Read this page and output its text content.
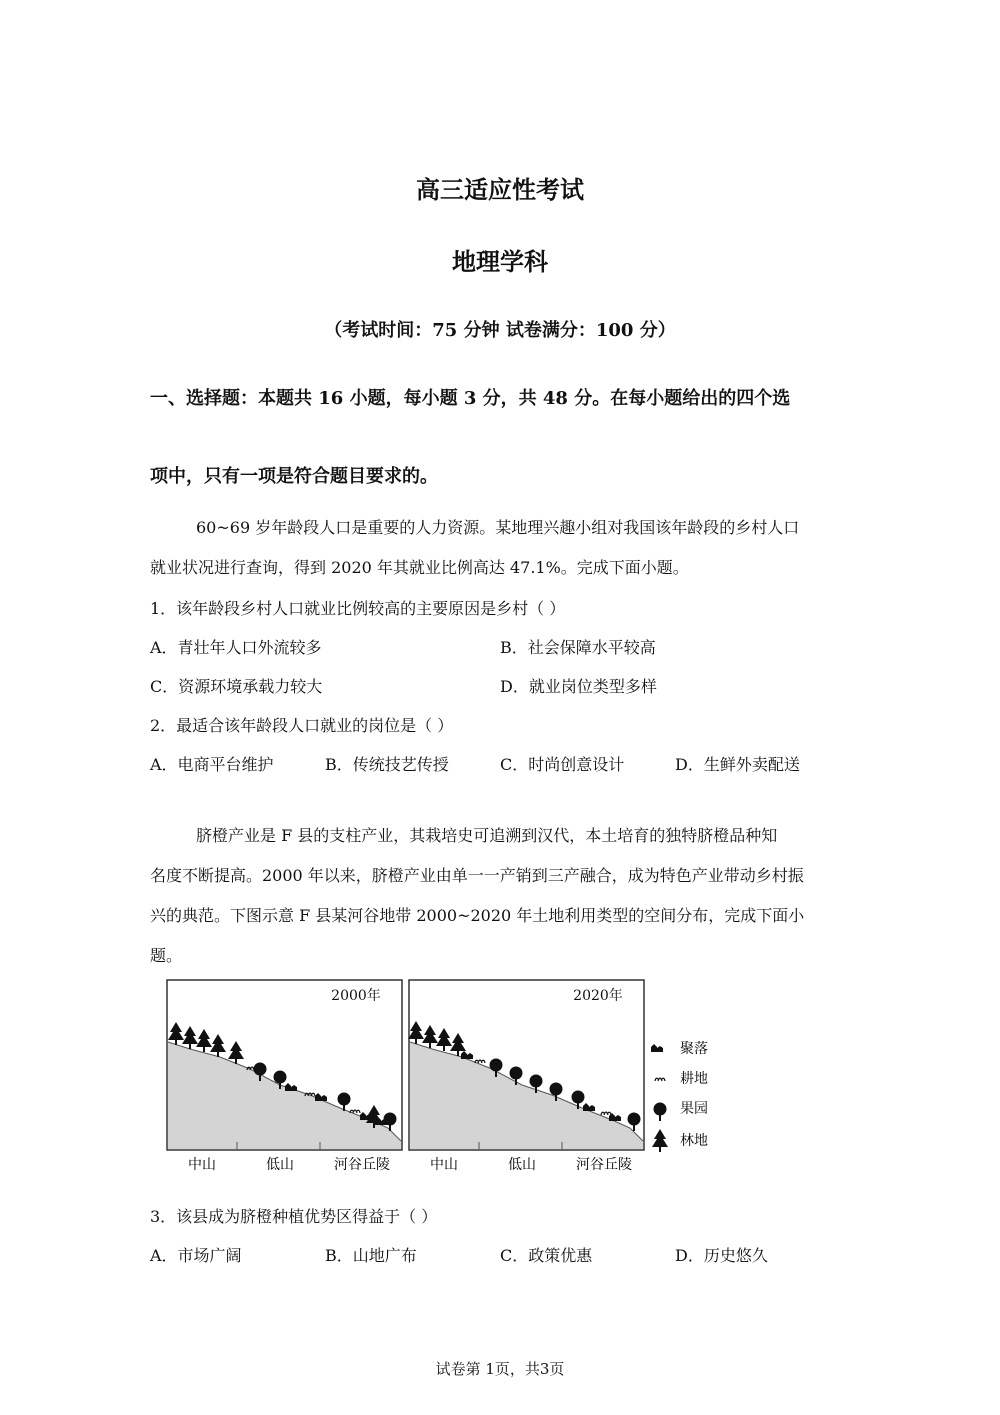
高三适应性考试
地理学科
（考试时间：75 分钟 试卷满分：100 分）
一、选择题：本题共 16 小题，每小题 3 分，共 48 分。在每小题给出的四个选
项中，只有一项是符合题目要求的。
60~69 岁年龄段人口是重要的人力资源。某地理兴趣小组对我国该年龄段的乡村人口
就业状况进行查询，得到 2020 年其就业比例高达 47.1%。完成下面小题。
1．该年龄段乡村人口就业比例较高的主要原因是乡村（ ）
A．青壮年人口外流较多	B．社会保障水平较高
C．资源环境承载力较大	D．就业岗位类型多样
2．最适合该年龄段人口就业的岗位是（ ）
A．电商平台维护	B．传统技艺传授	C．时尚创意设计	D．生鲜外卖配送
脐橙产业是 F 县的支柱产业，其栽培史可追溯到汉代，本土培育的独特脐橙品种知
名度不断提高。2000 年以来，脐橙产业由单一一产销到三产融合，成为特色产业带动乡村振
兴的典范。下图示意 F 县某河谷地带 2000~2020 年土地利用类型的空间分布，完成下面小
题。
2000年	2020年
中山	低山	河谷丘陵	中山	低山	河谷丘陵
聚落
耕地
果园
林地
3．该县成为脐橙种植优势区得益于（ ）
A．市场广阔	B．山地广布	C．政策优惠	D．历史悠久
试卷第 1页，共3页
